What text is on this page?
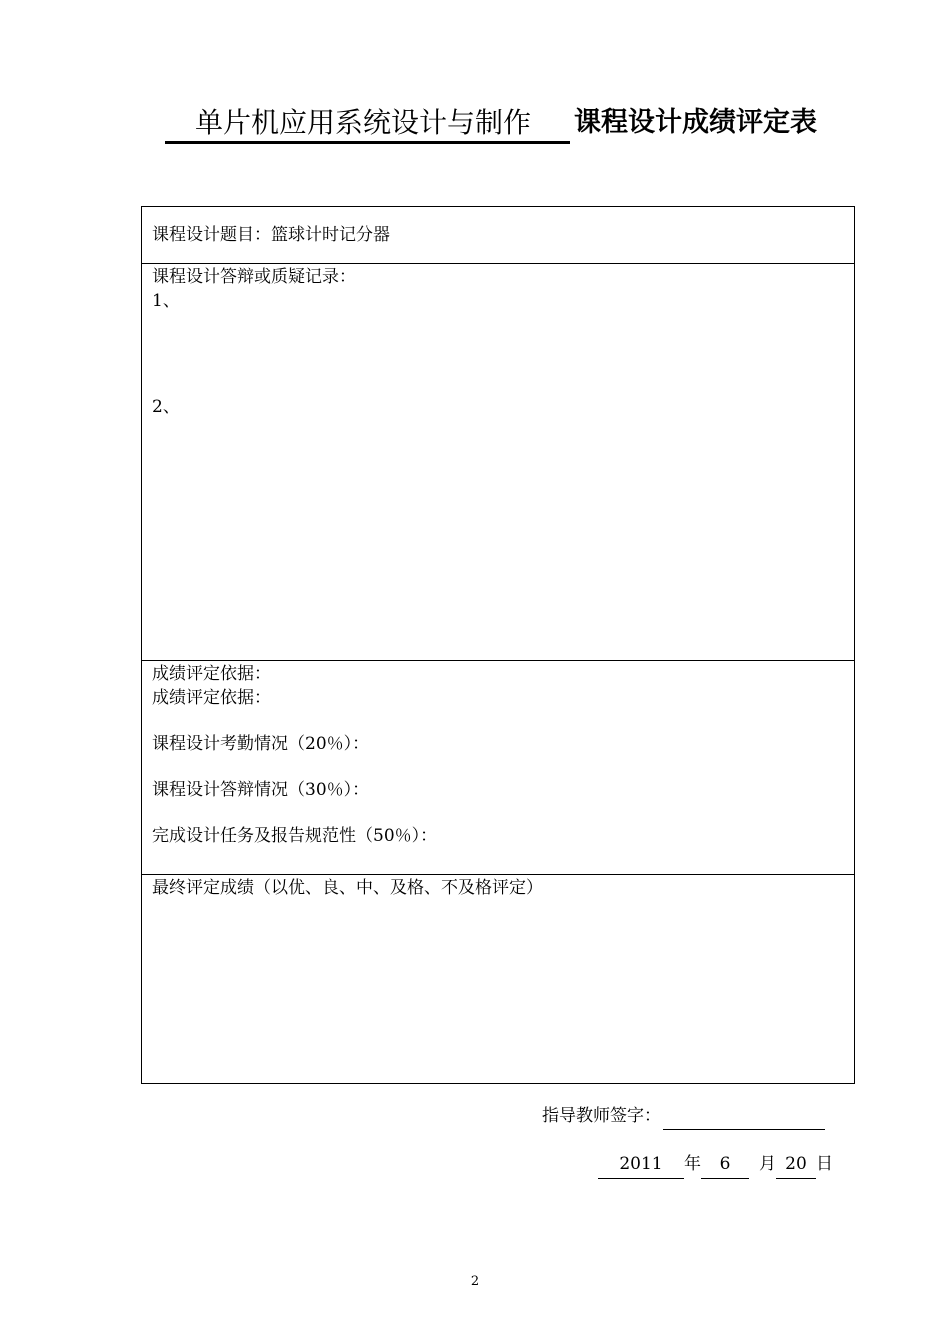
单片机应用系统设计与制作	课程设计成绩评定表
课程设计题目：篮球计时记分器
课程设计答辩或质疑记录：
1、
2、
成绩评定依据：
成绩评定依据：
课程设计考勤情况（20％）：
课程设计答辩情况（30％）：
完成设计任务及报告规范性（50％）：
最终评定成绩（以优、良、中、及格、不及格评定）
指导教师签字：
2011 年 6 月 20 日
2
